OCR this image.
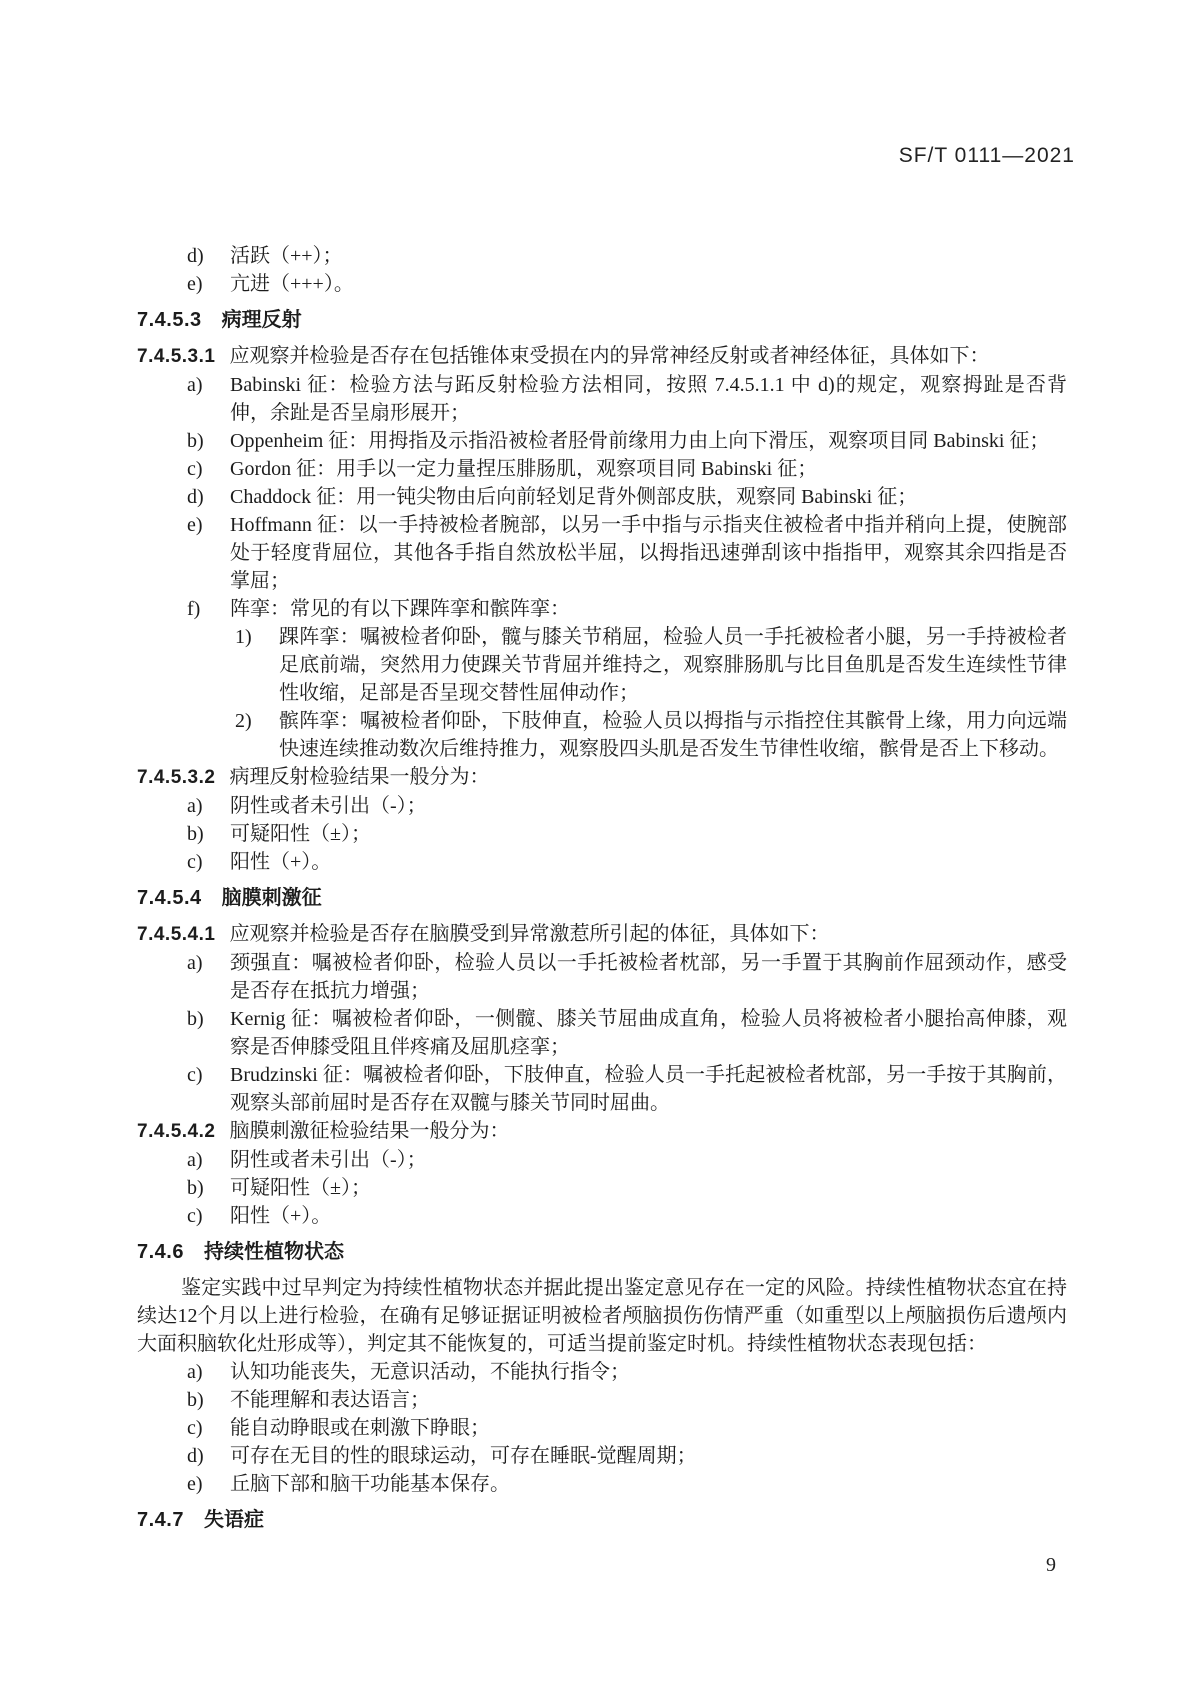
SF/T 0111—2021
d)	活跃（++）；
e)	亢进（+++）。
7.4.5.3 病理反射
7.4.5.3.1 应观察并检验是否存在包括锥体束受损在内的异常神经反射或者神经体征，具体如下：
a)	Babinski 征：检验方法与跖反射检验方法相同，按照 7.4.5.1.1 中 d)的规定，观察拇趾是否背伸，余趾是否呈扇形展开；
b)	Oppenheim 征：用拇指及示指沿被检者胫骨前缘用力由上向下滑压，观察项目同 Babinski 征；
c)	Gordon 征：用手以一定力量捏压腓肠肌，观察项目同 Babinski 征；
d)	Chaddock 征：用一钝尖物由后向前轻划足背外侧部皮肤，观察同 Babinski 征；
e)	Hoffmann 征：以一手持被检者腕部，以另一手中指与示指夹住被检者中指并稍向上提，使腕部处于轻度背屈位，其他各手指自然放松半屈，以拇指迅速弹刮该中指指甲，观察其余四指是否掌屈；
f)	阵挛：常见的有以下踝阵挛和髌阵挛：
1)	踝阵挛：嘱被检者仰卧，髋与膝关节稍屈，检验人员一手托被检者小腿，另一手持被检者足底前端，突然用力使踝关节背屈并维持之，观察腓肠肌与比目鱼肌是否发生连续性节律性收缩，足部是否呈现交替性屈伸动作；
2)	髌阵挛：嘱被检者仰卧，下肢伸直，检验人员以拇指与示指控住其髌骨上缘，用力向远端快速连续推动数次后维持推力，观察股四头肌是否发生节律性收缩，髌骨是否上下移动。
7.4.5.3.2 病理反射检验结果一般分为：
a)	阴性或者未引出（-）；
b)	可疑阳性（±）；
c)	阳性（+）。
7.4.5.4 脑膜刺激征
7.4.5.4.1 应观察并检验是否存在脑膜受到异常激惹所引起的体征，具体如下：
a)	颈强直：嘱被检者仰卧，检验人员以一手托被检者枕部，另一手置于其胸前作屈颈动作，感受是否存在抵抗力增强；
b)	Kernig 征：嘱被检者仰卧，一侧髋、膝关节屈曲成直角，检验人员将被检者小腿抬高伸膝，观察是否伸膝受阻且伴疼痛及屈肌痉挛；
c)	Brudzinski 征：嘱被检者仰卧，下肢伸直，检验人员一手托起被检者枕部，另一手按于其胸前，观察头部前屈时是否存在双髋与膝关节同时屈曲。
7.4.5.4.2 脑膜刺激征检验结果一般分为：
a)	阴性或者未引出（-）；
b)	可疑阳性（±）；
c)	阳性（+）。
7.4.6 持续性植物状态
鉴定实践中过早判定为持续性植物状态并据此提出鉴定意见存在一定的风险。持续性植物状态宜在持续达12个月以上进行检验，在确有足够证据证明被检者颅脑损伤伤情严重（如重型以上颅脑损伤后遗颅内大面积脑软化灶形成等），判定其不能恢复的，可适当提前鉴定时机。持续性植物状态表现包括：
a)	认知功能丧失，无意识活动，不能执行指令；
b)	不能理解和表达语言；
c)	能自动睁眼或在刺激下睁眼；
d)	可存在无目的性的眼球运动，可存在睡眠-觉醒周期；
e)	丘脑下部和脑干功能基本保存。
7.4.7 失语症
9
